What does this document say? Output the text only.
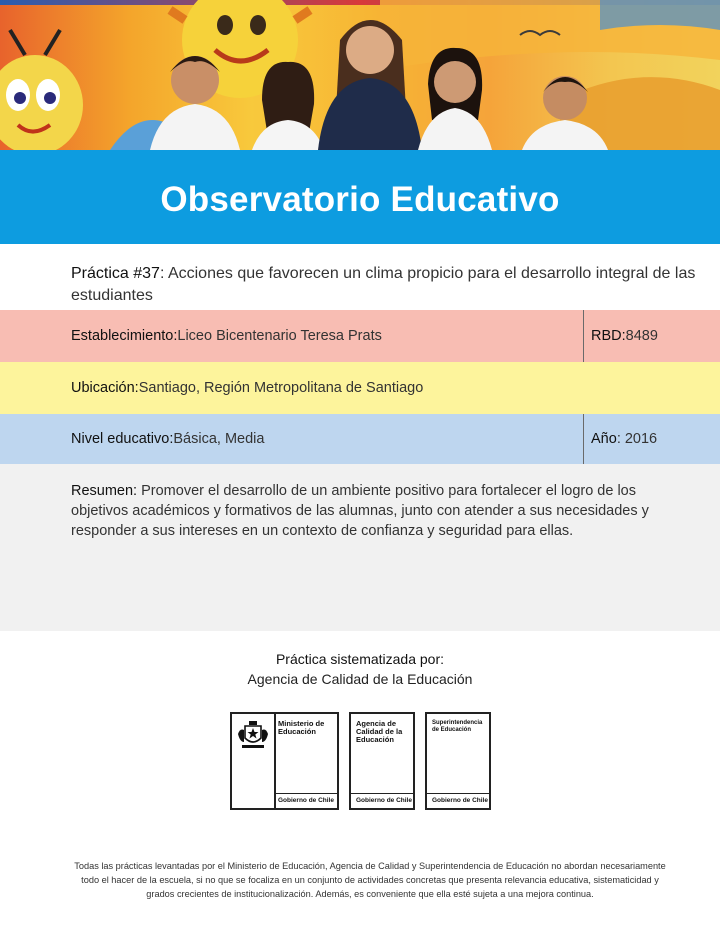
Observatorio Educativo

Práctica #37: Acciones que favorecen un clima propicio para el desarrollo integral de las estudiantes

Establecimiento: Liceo Bicentenario Teresa Prats	RBD: 8489
Ubicación: Santiago, Región Metropolitana de Santiago
Nivel educativo: Básica, Media	Año : 2016

Resumen: Promover el desarrollo de un ambiente positivo para fortalecer el logro de los objetivos académicos y formativos de las alumnas, junto con atender a sus necesidades y responder a sus intereses en un contexto de confianza y seguridad para ellas.

Práctica sistematizada por:

Agencia de Calidad de la Educación

Ministerio de Educación
Gobierno de Chile
Agencia de Calidad de la Educación
Gobierno de Chile
Superintendencia de Educación
Gobierno de Chile

Todas las prácticas levantadas por el Ministerio de Educación, Agencia de Calidad y Superintendencia de Educación no abordan necesariamente todo el hacer de la escuela, si no que se focaliza en un conjunto de actividades concretas que presenta relevancia educativa, sistematicidad y grados crecientes de institucionalización. Además, es conveniente que ella esté sujeta a una mejora continua.
